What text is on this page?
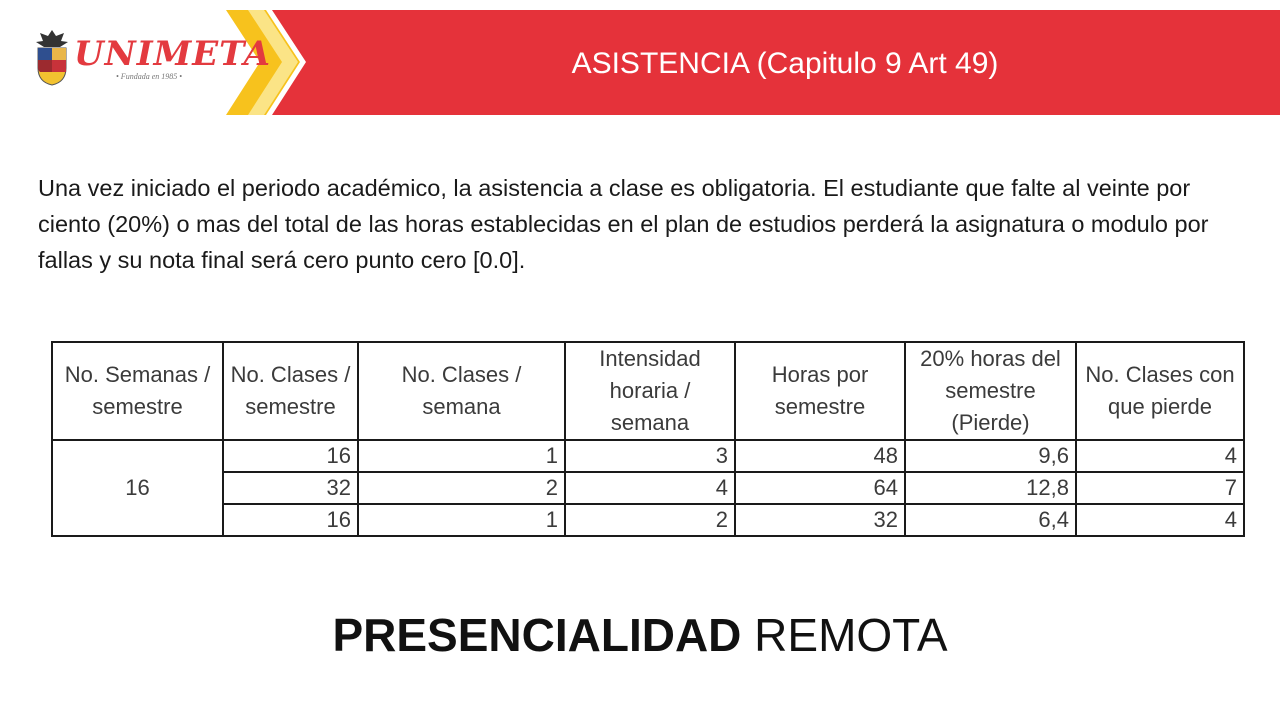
ASISTENCIA (Capitulo 9 Art 49)
UNIMETA
• Fundada en 1985 •

Una vez iniciado el periodo académico, la asistencia a clase es obligatoria. El estudiante que falte al veinte por ciento (20%) o mas del total de las horas establecidas en el plan de estudios perderá la asignatura o modulo por fallas y su nota final será cero punto cero [0.0].

No. Semanas / semestre	No. Clases / semestre	No. Clases / semana	Intensidad horaria / semana	Horas por semestre	20% horas del semestre (Pierde)	No. Clases con que pierde
16	16	1	3	48	9,6	4
	32	2	4	64	12,8	7
	16	1	2	32	6,4	4
PRESENCIALIDAD REMOTA
